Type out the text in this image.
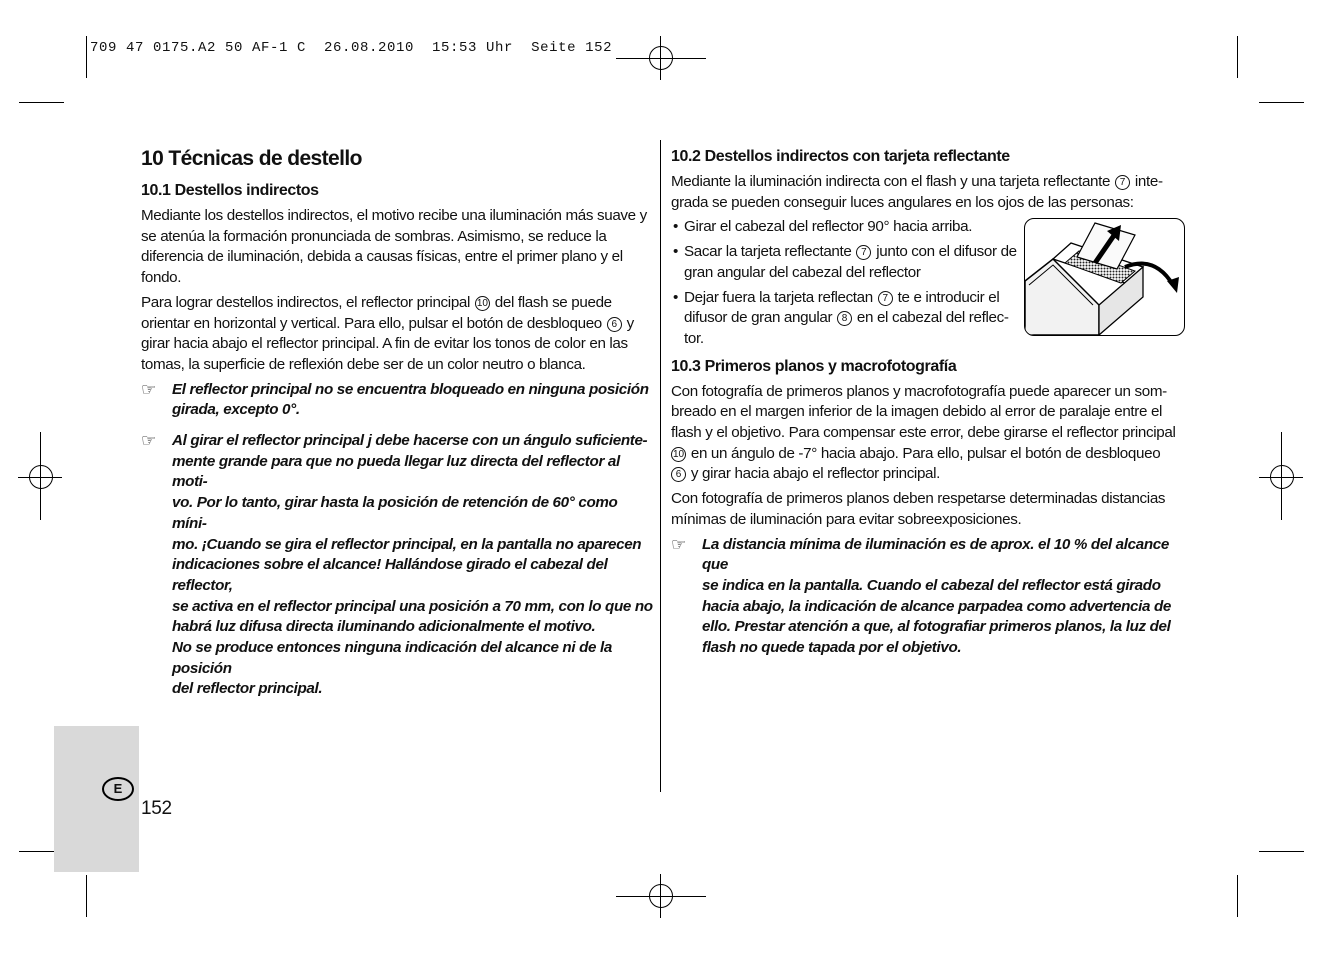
709 47 0175.A2 50 AF-1 C  26.08.2010  15:53 Uhr  Seite 152
E
152
10 Técnicas de destello
10.1 Destellos indirectos

Mediante los destellos indirectos, el motivo recibe una iluminación más suave y
se atenúa la formación pronunciada de sombras. Asimismo, se reduce la
diferencia de iluminación, debida a causas físicas, entre el primer plano y el
fondo.

Para lograr destellos indirectos, el reflector principal 10 del flash se puede
orientar en horizontal y vertical. Para ello, pulsar el botón de desbloqueo 6 y
girar hacia abajo el reflector principal. A fin de evitar los tonos de color en las
tomas, la superficie de reflexión debe ser de un color neutro o blanca.

☞ El reflector principal no se encuentra bloqueado en ninguna posición
girada, excepto 0°.
☞ Al girar el reflector principal j debe hacerse con un ángulo suficiente-
mente grande para que no pueda llegar luz directa del reflector al moti-
vo. Por lo tanto, girar hasta la posición de retención de 60° como míni-
mo. ¡Cuando se gira el reflector principal, en la pantalla no aparecen
indicaciones sobre el alcance! Hallándose girado el cabezal del reflector,
se activa en el reflector principal una posición a 70 mm, con lo que no
habrá luz difusa directa iluminando adicionalmente el motivo.
No se produce entonces ninguna indicación del alcance ni de la posición
del reflector principal.
10.2 Destellos indirectos con tarjeta reflectante

Mediante la iluminación indirecta con el flash y una tarjeta reflectante 7 inte-
grada se pueden conseguir luces angulares en los ojos de las personas:

• Girar el cabezal del reflector 90° hacia arriba.
• Sacar la tarjeta reflectante 7 junto con el difusor de
gran angular del cabezal del reflector
• Dejar fuera la tarjeta reflectan 7 te e introducir el
difusor de gran angular 8 en el cabezal del reflec-
tor.
10.3 Primeros planos y macrofotografía

Con fotografía de primeros planos y macrofotografía puede aparecer un som-
breado en el margen inferior de la imagen debido al error de paralaje entre el
flash y el objetivo. Para compensar este error, debe girarse el reflector principal
10 en un ángulo de -7° hacia abajo. Para ello, pulsar el botón de desbloqueo
6 y girar hacia abajo el reflector principal.

Con fotografía de primeros planos deben respetarse determinadas distancias
mínimas de iluminación para evitar sobreexposiciones.

☞ La distancia mínima de iluminación es de aprox. el 10 % del alcance que
se indica en la pantalla. Cuando el cabezal del reflector está girado
hacia abajo, la indicación de alcance parpadea como advertencia de
ello. Prestar atención a que, al fotografiar primeros planos, la luz del
flash no quede tapada por el objetivo.
